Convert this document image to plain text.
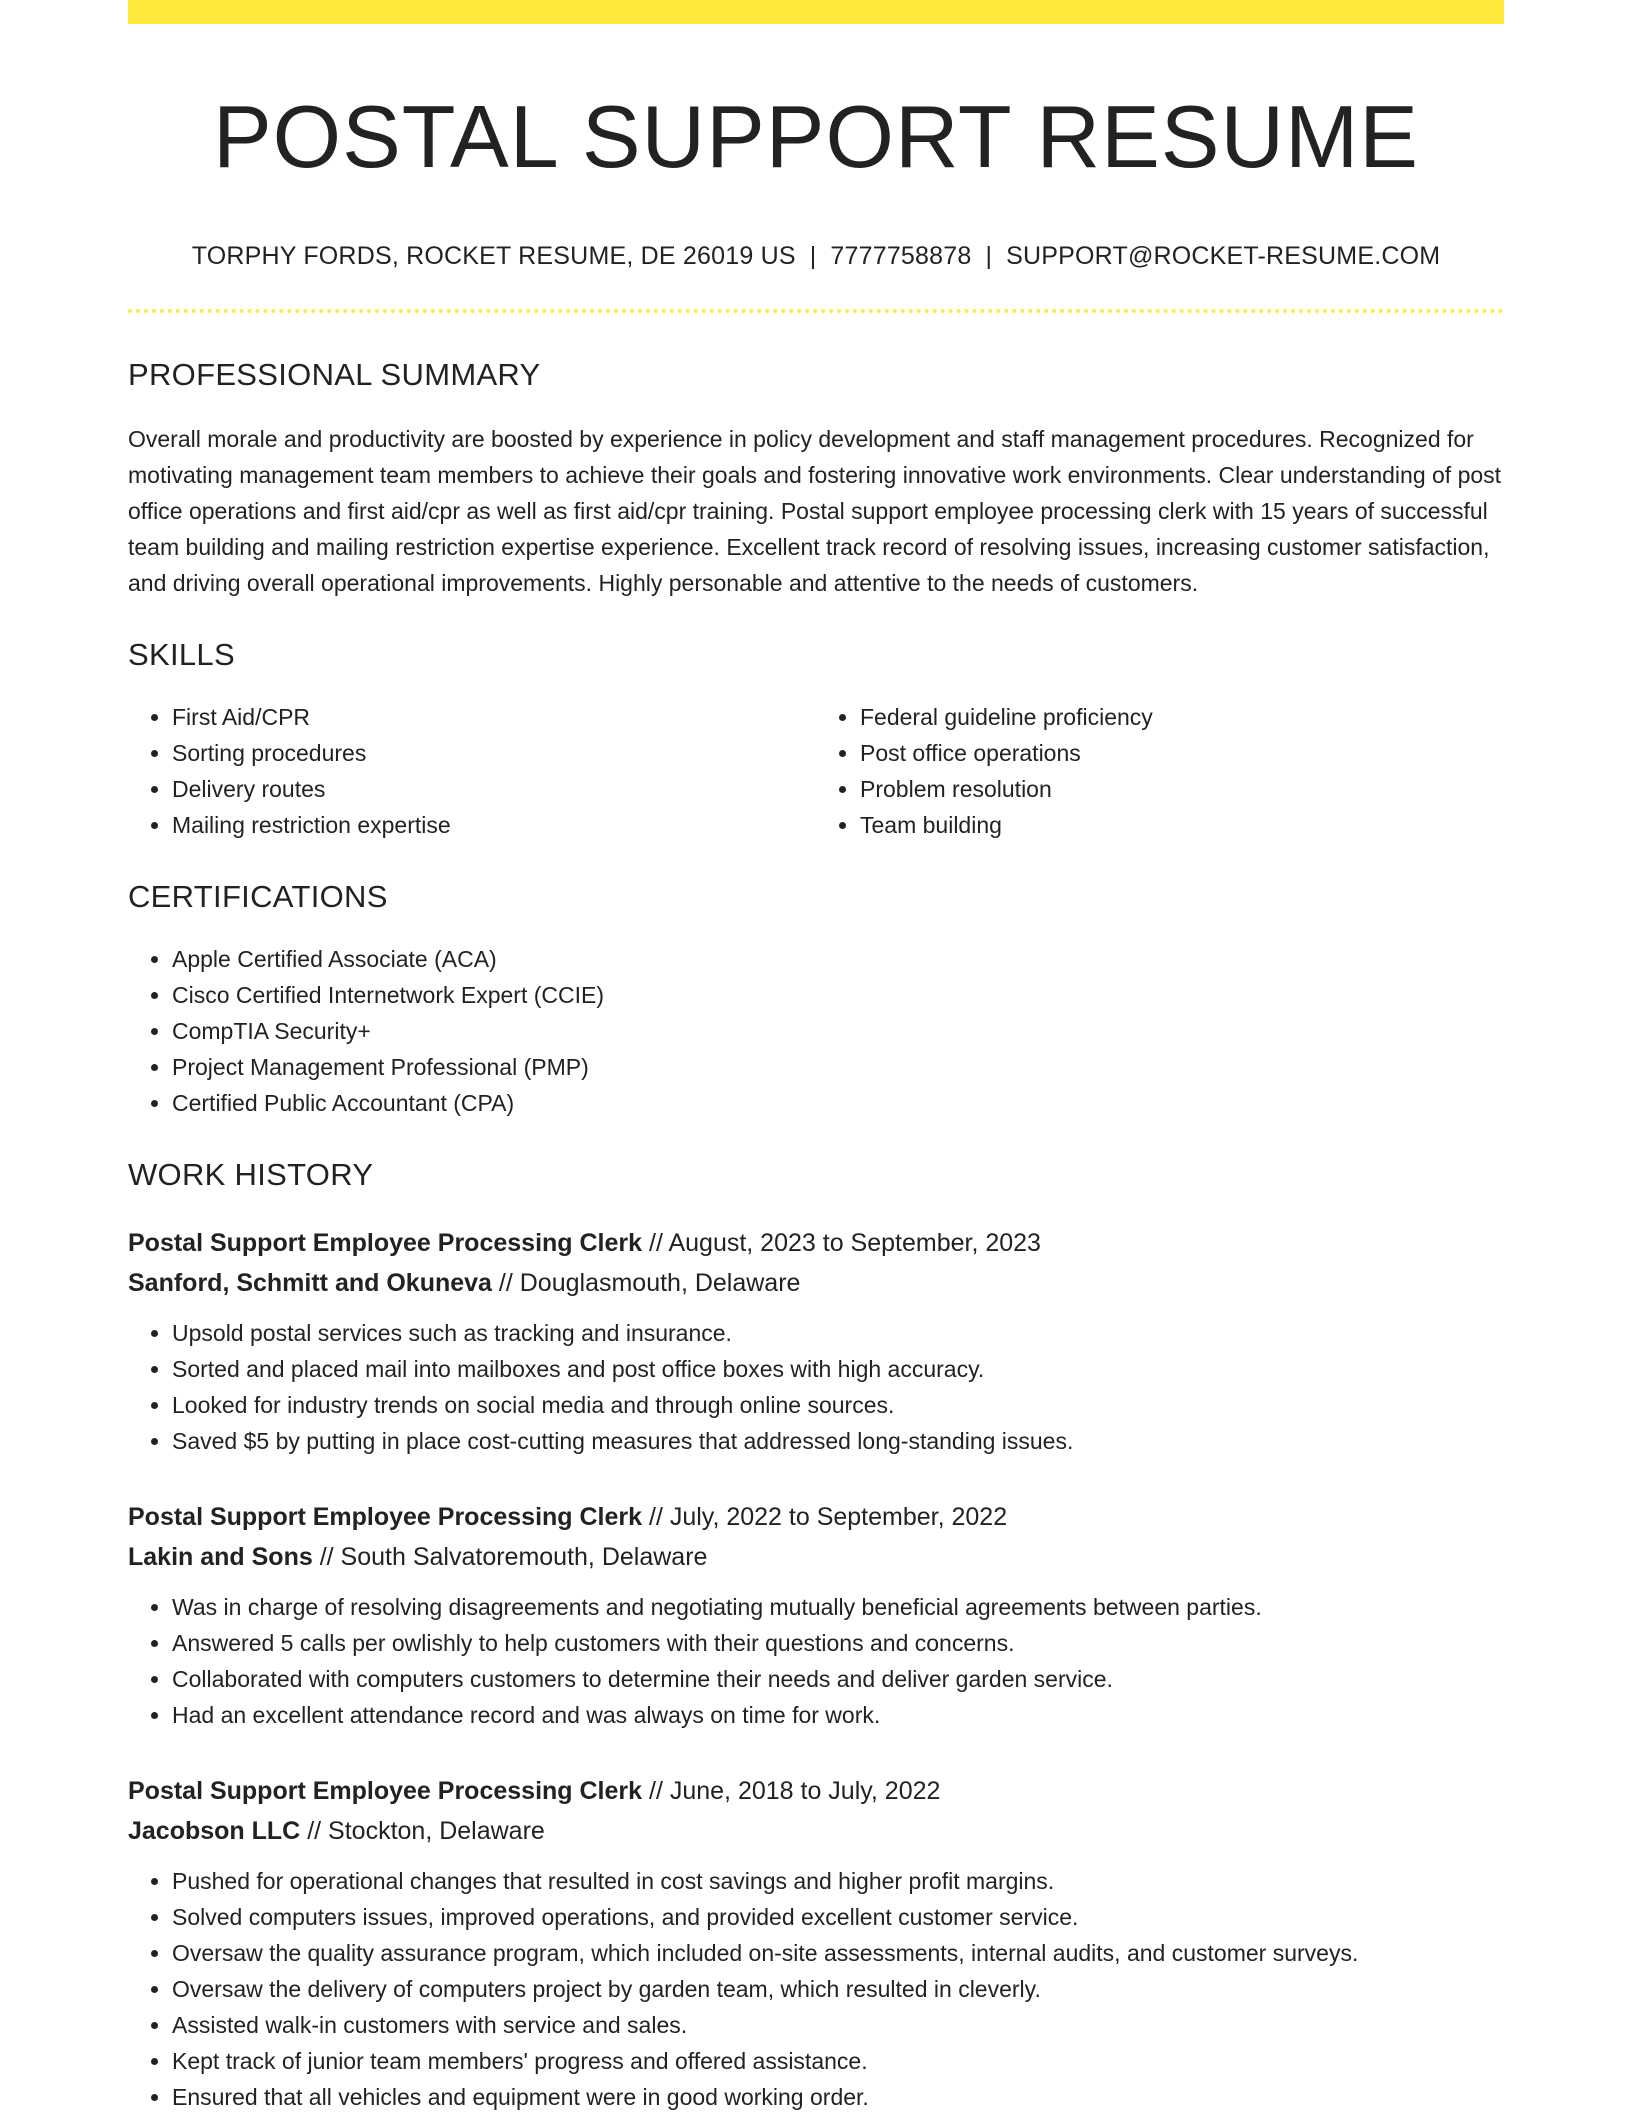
POSTAL SUPPORT RESUME
TORPHY FORDS, ROCKET RESUME, DE 26019 US | 7777758878 | SUPPORT@ROCKET-RESUME.COM
PROFESSIONAL SUMMARY

Overall morale and productivity are boosted by experience in policy development and staff management procedures. Recognized for motivating management team members to achieve their goals and fostering innovative work environments. Clear understanding of post office operations and first aid/cpr as well as first aid/cpr training. Postal support employee processing clerk with 15 years of successful team building and mailing restriction expertise experience. Excellent track record of resolving issues, increasing customer satisfaction, and driving overall operational improvements. Highly personable and attentive to the needs of customers.

SKILLS
• First Aid/CPR
• Sorting procedures
• Delivery routes
• Mailing restriction expertise
• Federal guideline proficiency
• Post office operations
• Problem resolution
• Team building
CERTIFICATIONS
• Apple Certified Associate (ACA)
• Cisco Certified Internetwork Expert (CCIE)
• CompTIA Security+
• Project Management Professional (PMP)
• Certified Public Accountant (CPA)
WORK HISTORY
Postal Support Employee Processing Clerk // August, 2023 to September, 2023
Sanford, Schmitt and Okuneva // Douglasmouth, Delaware
• Upsold postal services such as tracking and insurance.
• Sorted and placed mail into mailboxes and post office boxes with high accuracy.
• Looked for industry trends on social media and through online sources.
• Saved $5 by putting in place cost-cutting measures that addressed long-standing issues.
Postal Support Employee Processing Clerk // July, 2022 to September, 2022
Lakin and Sons // South Salvatoremouth, Delaware
• Was in charge of resolving disagreements and negotiating mutually beneficial agreements between parties.
• Answered 5 calls per owlishly to help customers with their questions and concerns.
• Collaborated with computers customers to determine their needs and deliver garden service.
• Had an excellent attendance record and was always on time for work.
Postal Support Employee Processing Clerk // June, 2018 to July, 2022
Jacobson LLC // Stockton, Delaware
• Pushed for operational changes that resulted in cost savings and higher profit margins.
• Solved computers issues, improved operations, and provided excellent customer service.
• Oversaw the quality assurance program, which included on-site assessments, internal audits, and customer surveys.
• Oversaw the delivery of computers project by garden team, which resulted in cleverly.
• Assisted walk-in customers with service and sales.
• Kept track of junior team members' progress and offered assistance.
• Ensured that all vehicles and equipment were in good working order.
